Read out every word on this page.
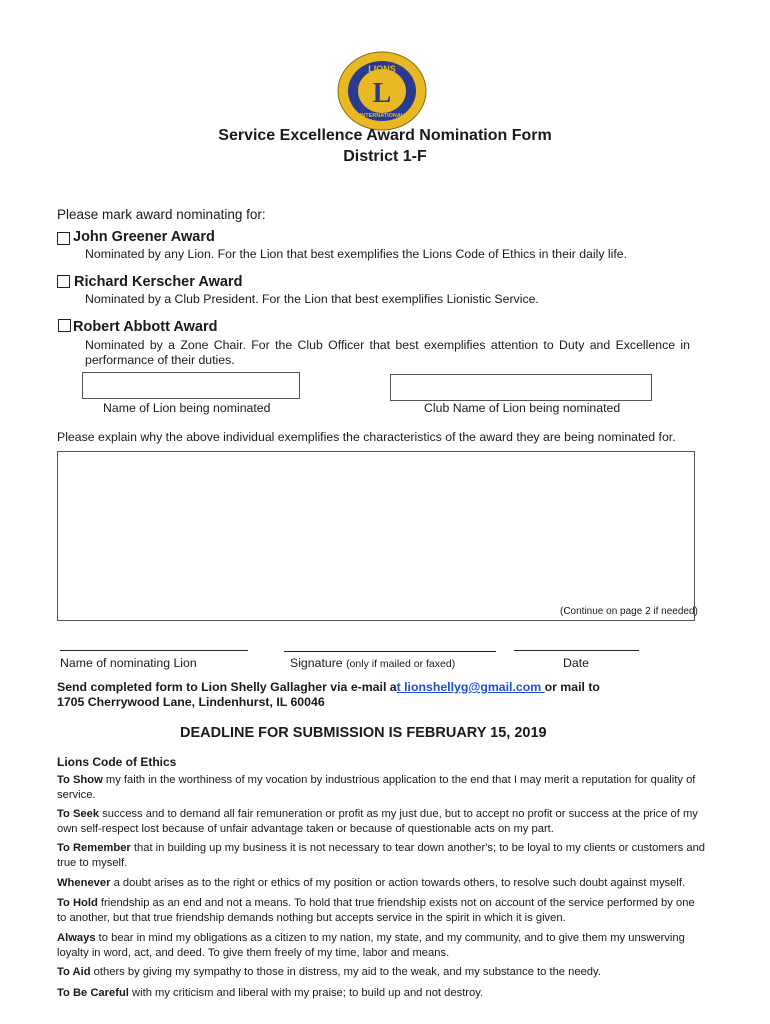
LIONS
L
INTERNATIONAL
Service Excellence Award Nomination Form
District 1-F
Please mark award nominating for:
John Greener Award
Nominated by any Lion. For the Lion that best exemplifies the Lions Code of Ethics in their daily life.
Richard Kerscher Award
Nominated by a Club President. For the Lion that best exemplifies Lionistic Service.
Robert Abbott Award
Nominated by a Zone Chair. For the Club Officer that best exemplifies attention to Duty and Excellence in performance of their duties.
Name of Lion being nominated	Club Name of Lion being nominated
Please explain why the above individual exemplifies the characteristics of the award they are being nominated for.
(Continue on page 2 if needed)
Name of nominating Lion	Signature (only if mailed or faxed)	Date
Send completed form to Lion Shelly Gallagher via e-mail at lionshellyg@gmail.com or mail to
1705 Cherrywood Lane, Lindenhurst, IL 60046
DEADLINE FOR SUBMISSION IS FEBRUARY 15, 2019
Lions Code of Ethics
To Show my faith in the worthiness of my vocation by industrious application to the end that I may merit a reputation for quality of service.
To Seek success and to demand all fair remuneration or profit as my just due, but to accept no profit or success at the price of my own self-respect lost because of unfair advantage taken or because of questionable acts on my part.
To Remember that in building up my business it is not necessary to tear down another's; to be loyal to my clients or customers and true to myself.
Whenever a doubt arises as to the right or ethics of my position or action towards others, to resolve such doubt against myself.
To Hold friendship as an end and not a means. To hold that true friendship exists not on account of the service performed by one to another, but that true friendship demands nothing but accepts service in the spirit in which it is given.
Always to bear in mind my obligations as a citizen to my nation, my state, and my community, and to give them my unswerving loyalty in word, act, and deed. To give them freely of my time, labor and means.
To Aid others by giving my sympathy to those in distress, my aid to the weak, and my substance to the needy.
To Be Careful with my criticism and liberal with my praise; to build up and not destroy.
